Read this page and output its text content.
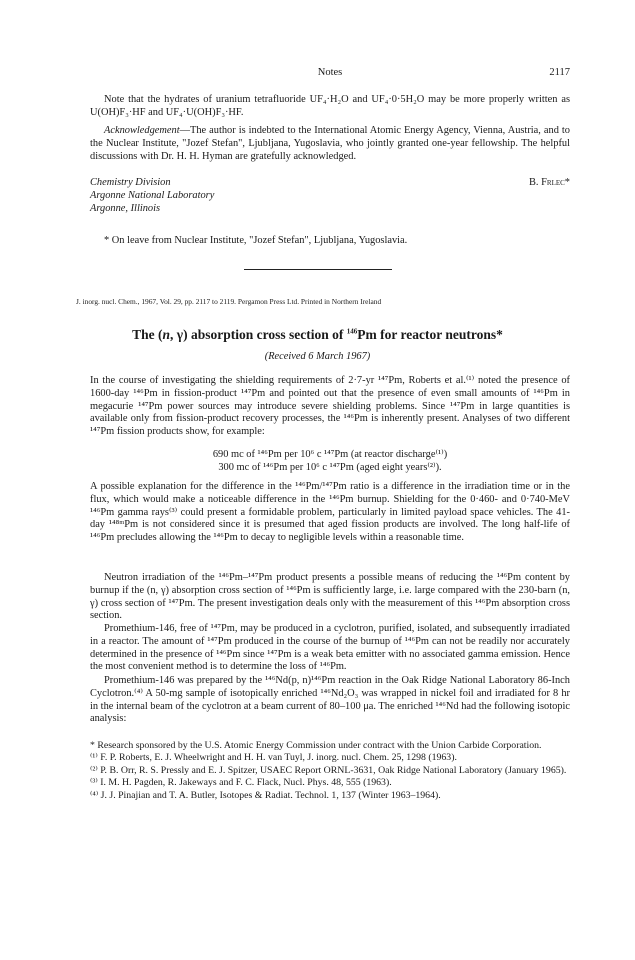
Notes	2117

Note that the hydrates of uranium tetrafluoride UF₄·H₂O and UF₄·0·5H₂O may be more properly written as U(OH)F₃·HF and UF₄·U(OH)F₃·HF.

Acknowledgement—The author is indebted to the International Atomic Energy Agency, Vienna, Austria, and to the Nuclear Institute, "Jozef Stefan", Ljubljana, Yugoslavia, who jointly granted one-year fellowship. The helpful discussions with Dr. H. H. Hyman are gratefully acknowledged.

Chemistry Division	B. Frlec*
Argonne National Laboratory
Argonne, Illinois

* On leave from Nuclear Institute, "Jozef Stefan", Ljubljana, Yugoslavia.

J. inorg. nucl. Chem., 1967, Vol. 29, pp. 2117 to 2119. Pergamon Press Ltd. Printed in Northern Ireland
The (n, γ) absorption cross section of $^{146}$Pm for reactor neutrons*
(Received 6 March 1967)

In the course of investigating the shielding requirements of 2·7-yr ¹⁴⁷Pm, Roberts et al.⁽¹⁾ noted the presence of 1600-day ¹⁴⁶Pm in fission-product ¹⁴⁷Pm and pointed out that the presence of even small amounts of ¹⁴⁶Pm in megacurie ¹⁴⁷Pm power sources may introduce severe shielding problems. Since ¹⁴⁷Pm in large quantities is available only from fission-product recovery processes, the ¹⁴⁶Pm is inherently present. Analyses of two different ¹⁴⁷Pm fission products show, for example:

690 mc of ¹⁴⁶Pm per 10⁶ c ¹⁴⁷Pm (at reactor discharge⁽¹⁾)
300 mc of ¹⁴⁶Pm per 10⁶ c ¹⁴⁷Pm (aged eight years⁽²⁾).

A possible explanation for the difference in the ¹⁴⁶Pm/¹⁴⁷Pm ratio is a difference in the irradiation time or in the flux, which would make a noticeable difference in the ¹⁴⁶Pm burnup. Shielding for the 0·460- and 0·740-MeV ¹⁴⁶Pm gamma rays⁽³⁾ could present a formidable problem, particularly in limited payload space vehicles. The 41-day ¹⁴⁸ᵐPm is not considered since it is presumed that aged fission products are involved. The long half-life of ¹⁴⁶Pm precludes allowing the ¹⁴⁶Pm to decay to negligible levels within a reasonable time.

Neutron irradiation of the ¹⁴⁶Pm–¹⁴⁷Pm product presents a possible means of reducing the ¹⁴⁶Pm content by burnup if the (n, γ) absorption cross section of ¹⁴⁶Pm is sufficiently large, i.e. large compared with the 230-barn (n, γ) cross section of ¹⁴⁷Pm. The present investigation deals only with the measurement of this ¹⁴⁶Pm absorption cross section.

Promethium-146, free of ¹⁴⁷Pm, may be produced in a cyclotron, purified, isolated, and subsequently irradiated in a reactor. The amount of ¹⁴⁷Pm produced in the course of the burnup of ¹⁴⁶Pm can not be readily nor accurately determined in the presence of ¹⁴⁶Pm since ¹⁴⁷Pm is a weak beta emitter with no associated gamma emission. Hence the most convenient method is to determine the loss of ¹⁴⁶Pm.

Promethium-146 was prepared by the ¹⁴⁶Nd(p, n)¹⁴⁶Pm reaction in the Oak Ridge National Laboratory 86-Inch Cyclotron.⁽⁴⁾ A 50-mg sample of isotopically enriched ¹⁴⁶Nd₂O₃ was wrapped in nickel foil and irradiated for 8 hr in the internal beam of the cyclotron at a beam current of 80–100 μa. The enriched ¹⁴⁶Nd had the following isotopic analysis:

* Research sponsored by the U.S. Atomic Energy Commission under contract with the Union Carbide Corporation.

⁽¹⁾ F. P. Roberts, E. J. Wheelwright and H. H. van Tuyl, J. inorg. nucl. Chem. 25, 1298 (1963).

⁽²⁾ P. B. Orr, R. S. Pressly and E. J. Spitzer, USAEC Report ORNL-3631, Oak Ridge National Laboratory (January 1965).

⁽³⁾ I. M. H. Pagden, R. Jakeways and F. C. Flack, Nucl. Phys. 48, 555 (1963).

⁽⁴⁾ J. J. Pinajian and T. A. Butler, Isotopes & Radiat. Technol. 1, 137 (Winter 1963–1964).
